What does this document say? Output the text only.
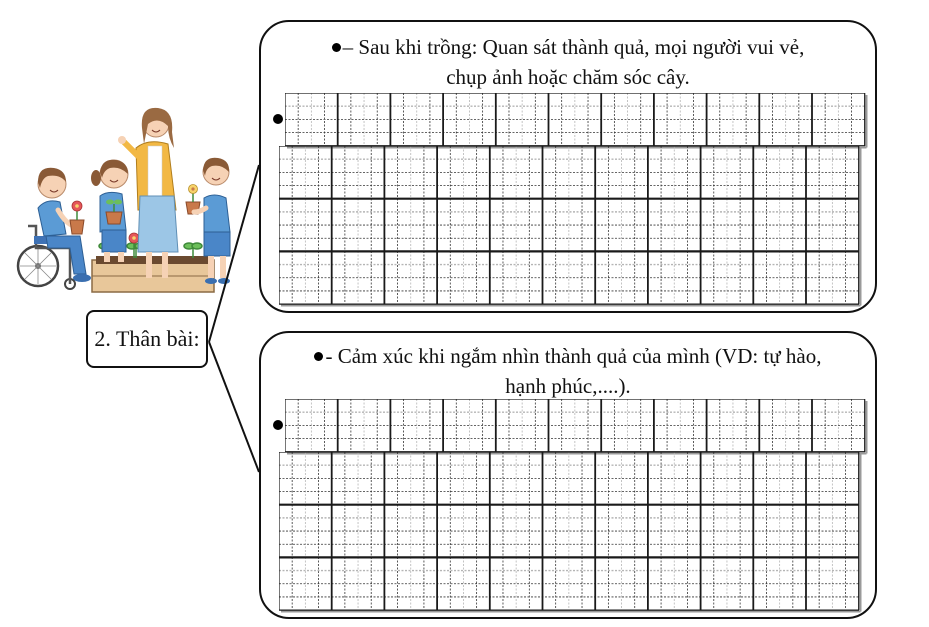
2. Thân bài:
– Sau khi trồng: Quan sát thành quả, mọi người vui vẻ,
chụp ảnh hoặc chăm sóc cây.
- Cảm xúc khi ngắm nhìn thành quả của mình (VD: tự hào,
hạnh phúc,....).
